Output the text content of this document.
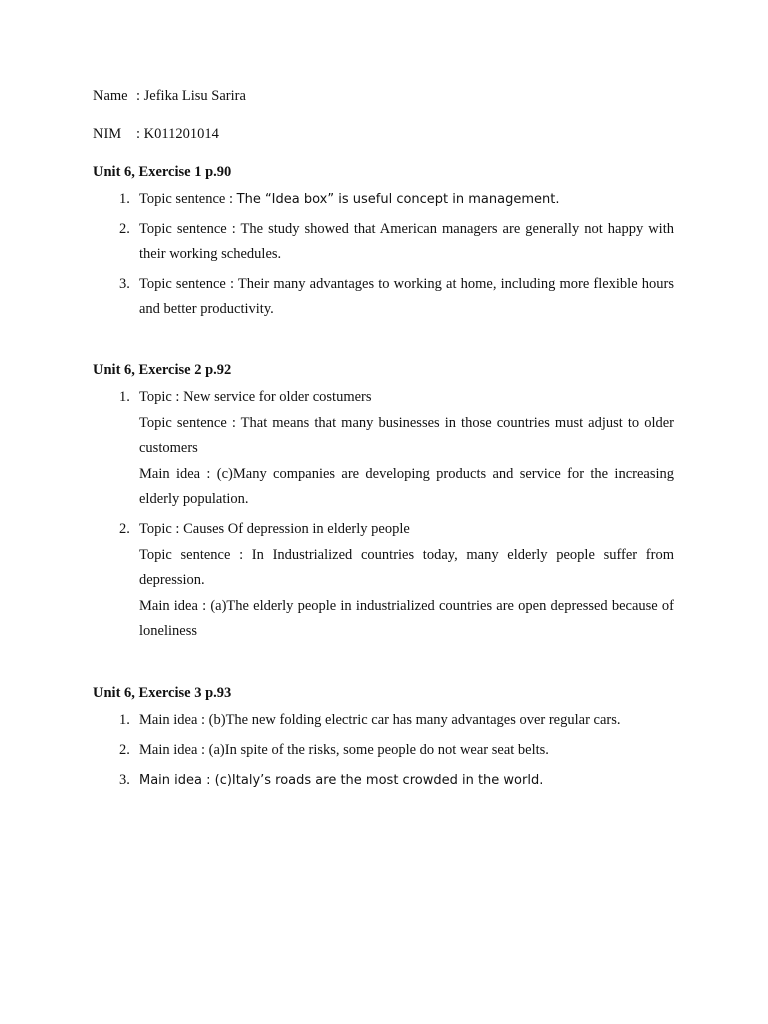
Name : Jefika Lisu Sarira
NIM	: K011201014
Unit 6, Exercise 1 p.90
1. Topic sentence : The “Idea box” is useful concept in management.

2. Topic sentence : The study showed that American managers are generally not happy with their working schedules.

3. Topic sentence : Their many advantages to working at home, including more flexible hours and better productivity.

Unit 6, Exercise 2 p.92
1. Topic : New service for older costumers

Topic sentence : That means that many businesses in those countries must adjust to older customers

Main idea : (c)Many companies are developing products and service for the increasing elderly population.

2. Topic : Causes Of depression in elderly people

Topic sentence : In Industrialized countries today, many elderly people suffer from depression.

Main idea : (a)The elderly people in industrialized countries are open depressed because of loneliness

Unit 6, Exercise 3 p.93
1. Main idea : (b)The new folding electric car has many advantages over regular cars.

2. Main idea : (a)In spite of the risks, some people do not wear seat belts.

3. Main idea : (c)Italy’s roads are the most crowded in the world.
